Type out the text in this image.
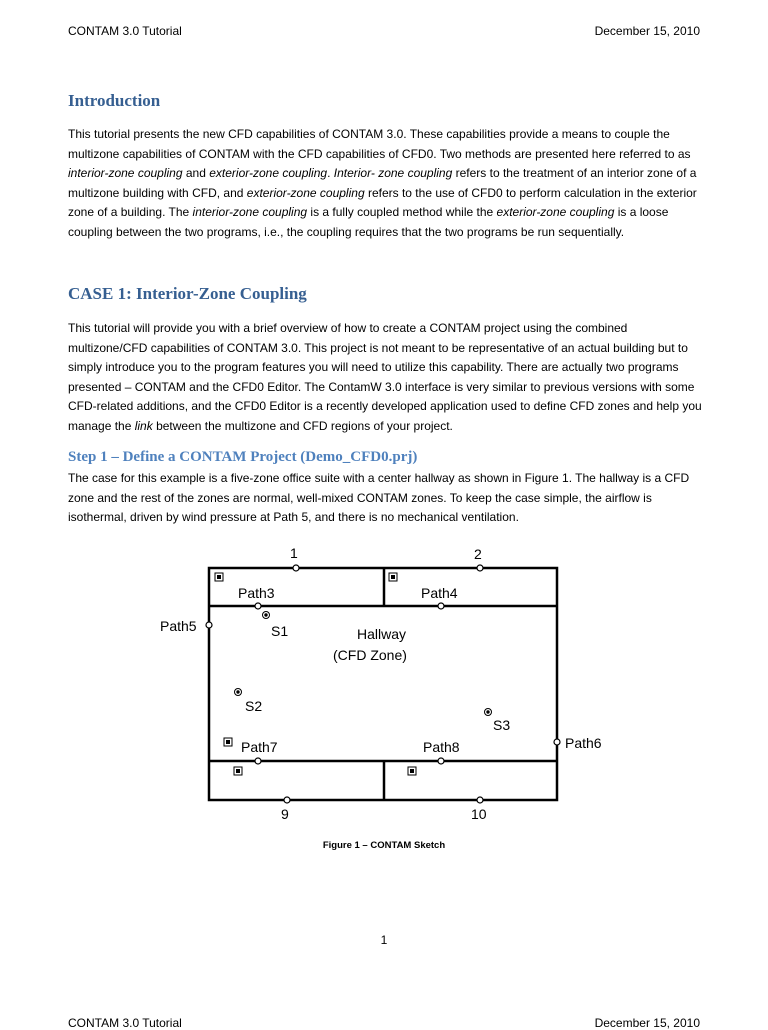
CONTAM 3.0 Tutorial	December 15, 2010
Introduction

This tutorial presents the new CFD capabilities of CONTAM 3.0. These capabilities provide a means to couple the multizone capabilities of CONTAM with the CFD capabilities of CFD0. Two methods are presented here referred to as interior-zone coupling and exterior-zone coupling. Interior- zone coupling refers to the treatment of an interior zone of a multizone building with CFD, and exterior-zone coupling refers to the use of CFD0 to perform calculation in the exterior zone of a building. The interior-zone coupling is a fully coupled method while the exterior-zone coupling is a loose coupling between the two programs, i.e., the coupling requires that the two programs be run sequentially.

CASE 1: Interior-Zone Coupling

This tutorial will provide you with a brief overview of how to create a CONTAM project using the combined multizone/CFD capabilities of CONTAM 3.0. This project is not meant to be representative of an actual building but to simply introduce you to the program features you will need to utilize this capability. There are actually two programs presented – CONTAM and the CFD0 Editor. The ContamW 3.0 interface is very similar to previous versions with some CFD-related additions, and the CFD0 Editor is a recently developed application used to define CFD zones and help you manage the link between the multizone and CFD regions of your project.

Step 1 – Define a CONTAM Project (Demo_CFD0.prj)

The case for this example is a five-zone office suite with a center hallway as shown in Figure 1. The hallway is a CFD zone and the rest of the zones are normal, well-mixed CONTAM zones. To keep the case simple, the airflow is isothermal, driven by wind pressure at Path 5, and there is no mechanical ventilation.

1	2
Path3	Path4
Path5
Path6
Path7	Path8
9	10
S1
S2
S3
Hallway
(CFD Zone)
Figure 1 – CONTAM Sketch
1
CONTAM 3.0 Tutorial	December 15, 2010
